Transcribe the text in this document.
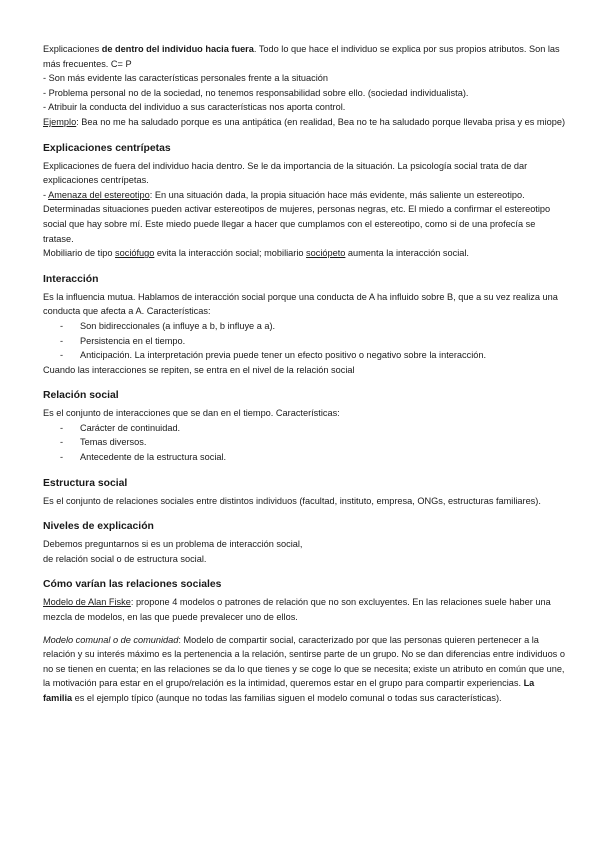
Explicaciones de dentro del individuo hacia fuera. Todo lo que hace el individuo se explica por sus propios atributos. Son las más frecuentes. C= P

- Son más evidente las características personales frente a la situación

- Problema personal no de la sociedad, no tenemos responsabilidad sobre ello. (sociedad individualista).

- Atribuir la conducta del individuo a sus características nos aporta control.

Ejemplo: Bea no me ha saludado porque es una antipática (en realidad, Bea no te ha saludado porque llevaba prisa y es miope)

Explicaciones centrípetas

Explicaciones de fuera del individuo hacia dentro. Se le da importancia de la situación. La psicología social trata de dar explicaciones centrípetas.

- Amenaza del estereotipo: En una situación dada, la propia situación hace más evidente, más saliente un estereotipo. Determinadas situaciones pueden activar estereotipos de mujeres, personas negras, etc. El miedo a confirmar el estereotipo social que hay sobre mí. Este miedo puede llegar a hacer que cumplamos con el estereotipo, como si de una profecía se tratase.

Mobiliario de tipo sociófugo evita la interacción social; mobiliario sociópeto aumenta la interacción social.

Interacción

Es la influencia mutua. Hablamos de interacción social porque una conducta de A ha influido sobre B, que a su vez realiza una conducta que afecta a A. Características:

- Son bidireccionales (a influye a b, b influye a a).
- Persistencia en el tiempo.
- Anticipación. La interpretación previa puede tener un efecto positivo o negativo sobre la interacción.

Cuando las interacciones se repiten, se entra en el nivel de la relación social

Relación social

Es el conjunto de interacciones que se dan en el tiempo. Características:

- Carácter de continuidad.
- Temas diversos.
- Antecedente de la estructura social.
Estructura social

Es el conjunto de relaciones sociales entre distintos individuos (facultad, instituto, empresa, ONGs, estructuras familiares).

Niveles de explicación

Debemos preguntarnos si es un problema de interacción social,

de relación social o de estructura social.

Cómo varían las relaciones sociales

Modelo de Alan Fiske: propone 4 modelos o patrones de relación que no son excluyentes. En las relaciones suele haber una mezcla de modelos, en las que puede prevalecer uno de ellos.

Modelo comunal o de comunidad: Modelo de compartir social, caracterizado por que las personas quieren pertenecer a la relación y su interés máximo es la pertenencia a la relación, sentirse parte de un grupo. No se dan diferencias entre individuos o no se tienen en cuenta; en las relaciones se da lo que tienes y se coge lo que se necesita; existe un atributo en común que une, la motivación para estar en el grupo/relación es la intimidad, queremos estar en el grupo para compartir experiencias. La familia es el ejemplo típico (aunque no todas las familias siguen el modelo comunal o todas sus características).
